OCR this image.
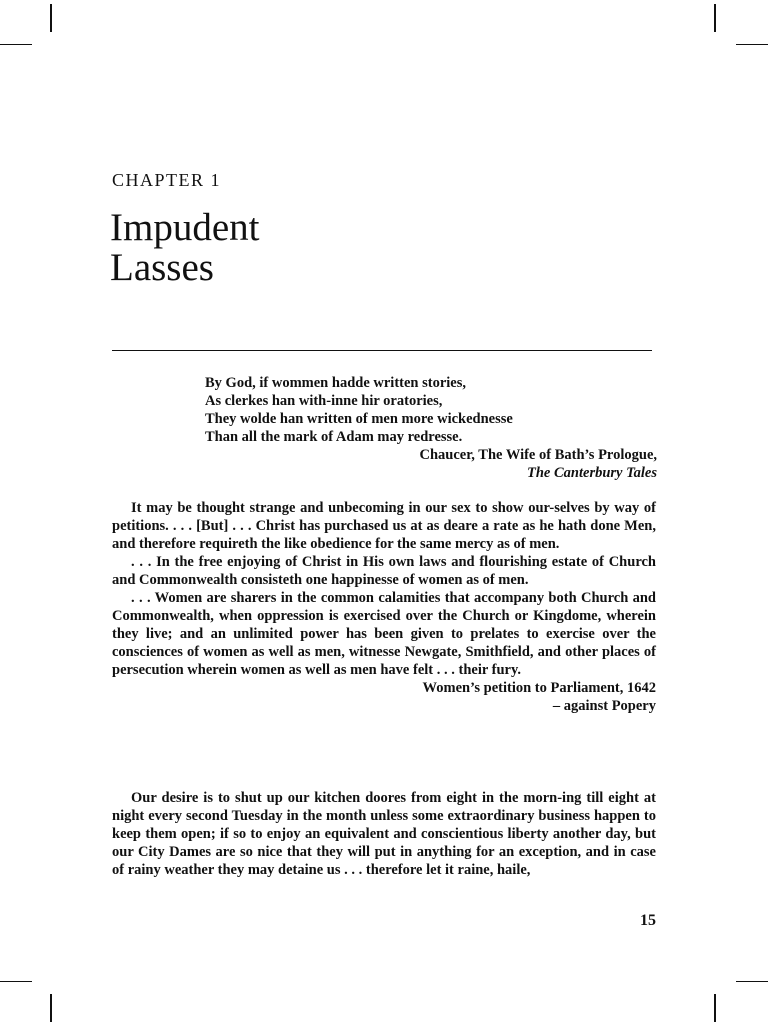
CHAPTER 1
Impudent
Lasses
By God, if wommen hadde written stories,
As clerkes han with-inne hir oratories,
They wolde han written of men more wickednesse
Than all the mark of Adam may redresse.
Chaucer, The Wife of Bath’s Prologue,
The Canterbury Tales

It may be thought strange and unbecoming in our sex to show our-selves by way of petitions. . . . [But] . . . Christ has purchased us at as deare a rate as he hath done Men, and therefore requireth the like obedience for the same mercy as of men.

. . . In the free enjoying of Christ in His own laws and flourishing estate of Church and Commonwealth consisteth one happinesse of women as of men.

. . . Women are sharers in the common calamities that accompany both Church and Commonwealth, when oppression is exercised over the Church or Kingdome, wherein they live; and an unlimited power has been given to prelates to exercise over the consciences of women as well as men, witnesse Newgate, Smithfield, and other places of persecution wherein women as well as men have felt . . . their fury.

Women’s petition to Parliament, 1642
– against Popery

Our desire is to shut up our kitchen doores from eight in the morn-ing till eight at night every second Tuesday in the month unless some extraordinary business happen to keep them open; if so to enjoy an equivalent and conscientious liberty another day, but our City Dames are so nice that they will put in anything for an exception, and in case of rainy weather they may detaine us . . . therefore let it raine, haile,

15
